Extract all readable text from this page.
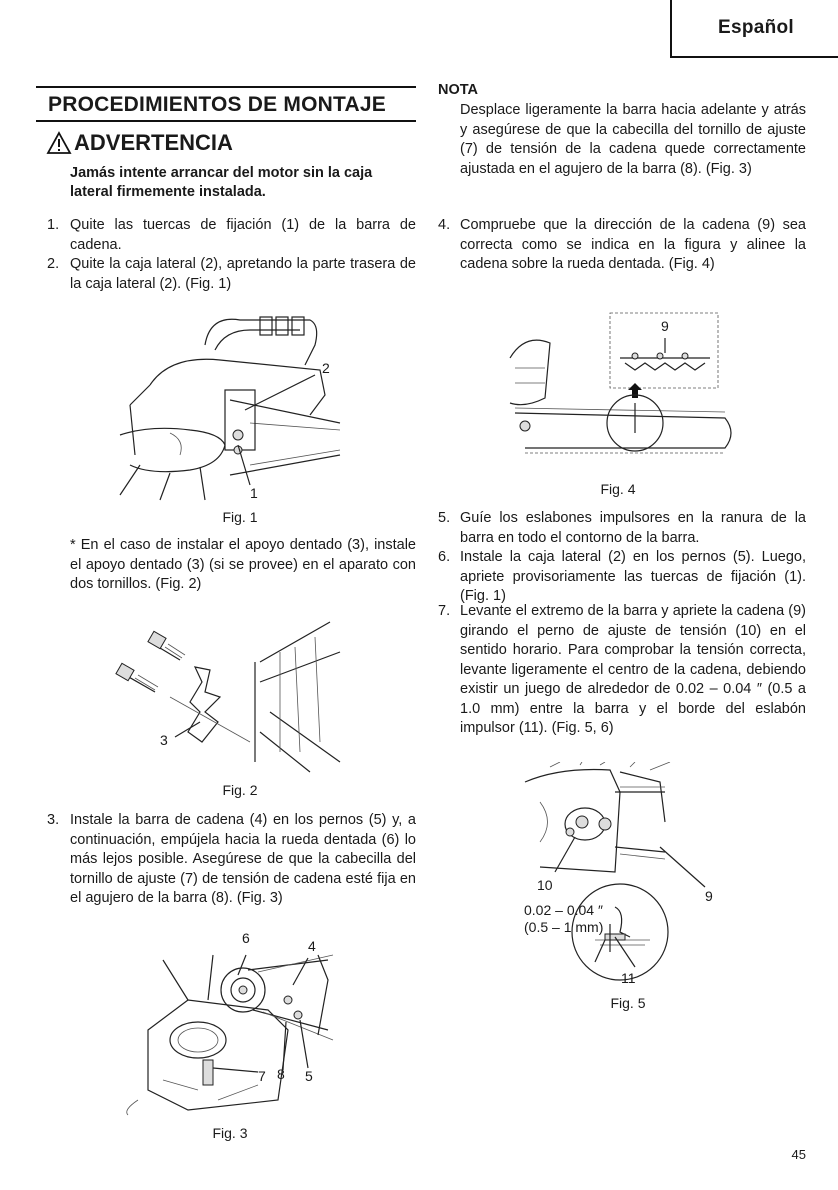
Español
PROCEDIMIENTOS DE MONTAJE
ADVERTENCIA
Jamás intente arrancar del motor sin la caja lateral firmemente instalada.
1. Quite las tuercas de fijación (1) de la barra de cadena.
2. Quite la caja lateral (2), apretando la parte trasera de la caja lateral (2). (Fig. 1)
2
1
Fig. 1
* En el caso de instalar el apoyo dentado (3), instale el apoyo dentado (3) (si se provee) en el aparato con dos tornillos. (Fig. 2)
3
Fig. 2
3. Instale la barra de cadena (4) en los pernos (5) y, a continuación, empújela hacia la rueda dentada (6) lo más lejos posible. Asegúrese de que la cabecilla del tornillo de ajuste (7) de tensión de cadena esté fija en el agujero de la barra (8). (Fig. 3)
6	4
7 8 5
Fig. 3
NOTA
Desplace ligeramente la barra hacia adelante y atrás y asegúrese de que la cabecilla del tornillo de ajuste (7) de tensión de la cadena quede correctamente ajustada en el agujero de la barra (8). (Fig. 3)
4. Compruebe que la dirección de la cadena (9) sea correcta como se indica en la figura y alinee la cadena sobre la rueda dentada. (Fig. 4)
9
Fig. 4
5. Guíe los eslabones impulsores en la ranura de la barra en todo el contorno de la barra.
6. Instale la caja lateral (2) en los pernos (5). Luego, apriete provisoriamente las tuercas de fijación (1). (Fig. 1)
7. Levante el extremo de la barra y apriete la cadena (9) girando el perno de ajuste de tensión (10) en el sentido horario. Para comprobar la tensión correcta, levante ligeramente el centro de la cadena, debiendo existir un juego de alrededor de 0.02 – 0.04 ″ (0.5 a 1.0 mm) entre la barra y el borde del eslabón impulsor (11). (Fig. 5, 6)
10
9
0.02 – 0.04 ″
(0.5 – 1 mm)
11
Fig. 5
45
